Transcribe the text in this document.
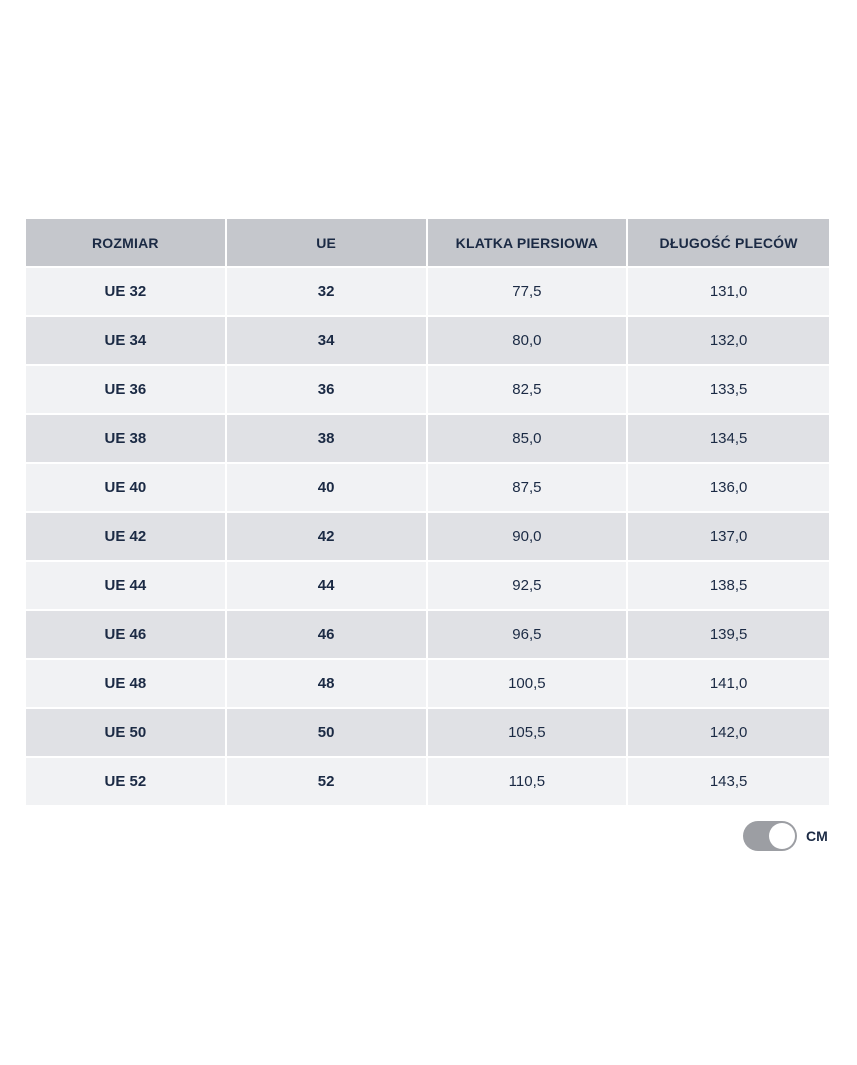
ROZMIAR	UE	KLATKA PIERSIOWA	DŁUGOŚĆ PLECÓW
UE 32	32	77,5	131,0
UE 34	34	80,0	132,0
UE 36	36	82,5	133,5
UE 38	38	85,0	134,5
UE 40	40	87,5	136,0
UE 42	42	90,0	137,0
UE 44	44	92,5	138,5
UE 46	46	96,5	139,5
UE 48	48	100,5	141,0
UE 50	50	105,5	142,0
UE 52	52	110,5	143,5
CM
